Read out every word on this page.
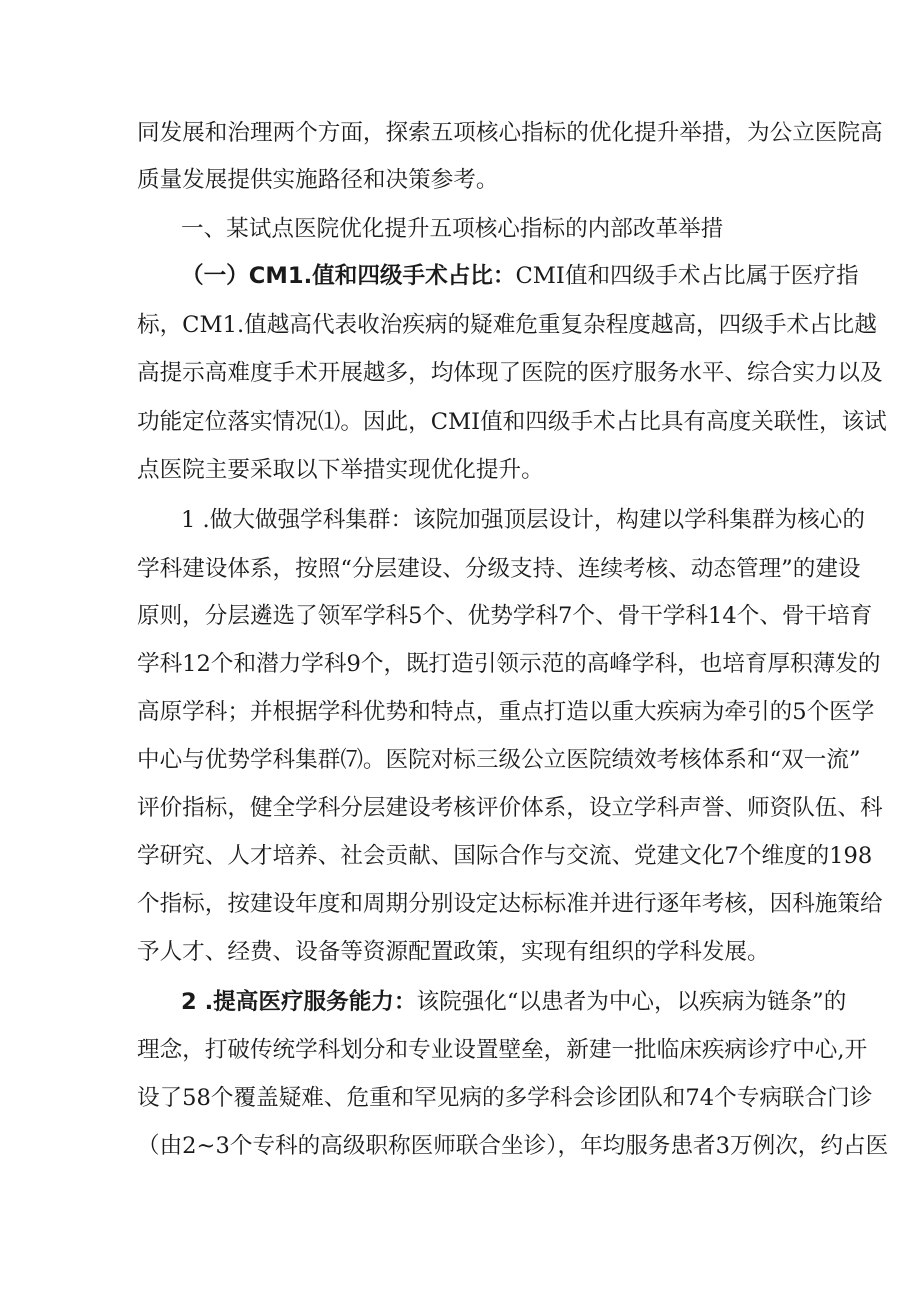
同发展和治理两个方面，探索五项核心指标的优化提升举措，为公立医院高
质量发展提供实施路径和决策参考。
一、某试点医院优化提升五项核心指标的内部改革举措
（一）CM1.值和四级手术占比：CMI值和四级手术占比属于医疗指
标，CM1.值越高代表收治疾病的疑难危重复杂程度越高，四级手术占比越
高提示高难度手术开展越多，均体现了医院的医疗服务水平、综合实力以及
功能定位落实情况⑴。因此，CMI值和四级手术占比具有高度关联性，该试
点医院主要采取以下举措实现优化提升。
1 .做大做强学科集群：该院加强顶层设计，构建以学科集群为核心的
学科建设体系，按照“分层建设、分级支持、连续考核、动态管理”的建设
原则，分层遴选了领军学科5个、优势学科7个、骨干学科14个、骨干培育
学科12个和潜力学科9个，既打造引领示范的高峰学科，也培育厚积薄发的
高原学科；并根据学科优势和特点，重点打造以重大疾病为牵引的5个医学
中心与优势学科集群⑺。医院对标三级公立医院绩效考核体系和“双一流”
评价指标，健全学科分层建设考核评价体系，设立学科声誉、师资队伍、科
学研究、人才培养、社会贡献、国际合作与交流、党建文化7个维度的198
个指标，按建设年度和周期分别设定达标标准并进行逐年考核，因科施策给
予人才、经费、设备等资源配置政策，实现有组织的学科发展。
2 .提高医疗服务能力：该院强化“以患者为中心，以疾病为链条”的
理念，打破传统学科划分和专业设置壁垒，新建一批临床疾病诊疗中心,开
设了58个覆盖疑难、危重和罕见病的多学科会诊团队和74个专病联合门诊
（由2~3个专科的高级职称医师联合坐诊），年均服务患者3万例次，约占医
